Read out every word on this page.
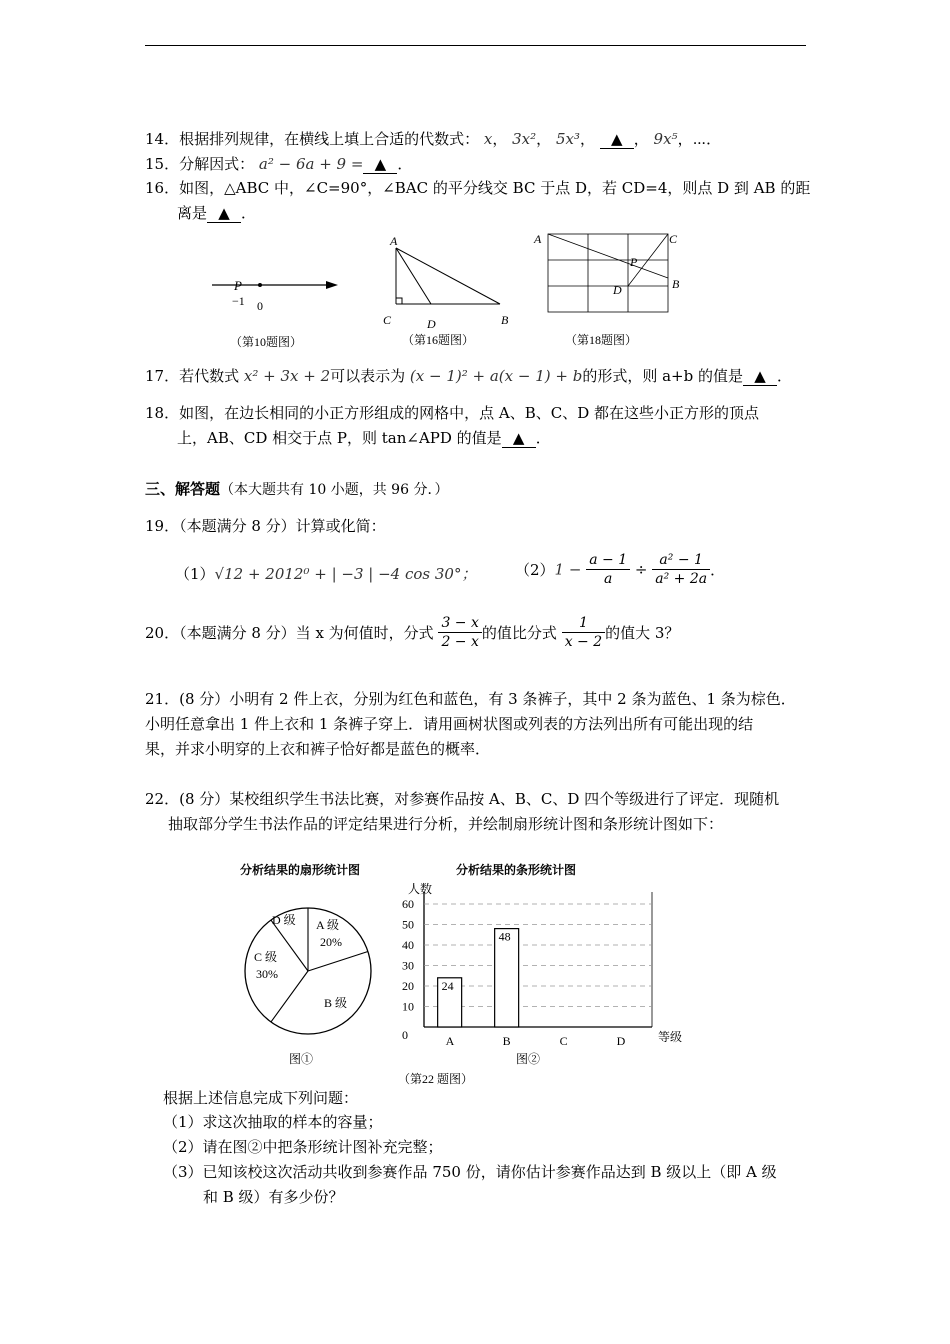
14．根据排列规律，在横线上填上合适的代数式： x， 3x²， 5x³， ▲ ， 9x⁵，⋯．
15．分解因式： a² − 6a + 9 = ▲ ．
16．如图，△ABC 中，∠C=90°，∠BAC 的平分线交 BC 于点 D，若 CD=4，则点 D 到 AB 的距
离是 ▲ ．
P
−1 0
（第10题图）
A
C	D	B
（第16题图）
A	C
P
B
D
（第18题图）
17．若代数式 x² + 3x + 2可以表示为 (x − 1)² + a(x − 1) + b的形式，则 a+b 的值是 ▲ ．
18．如图，在边长相同的小正方形组成的网格中，点 A、B、C、D 都在这些小正方形的顶点
上，AB、CD 相交于点 P，则 tan∠APD 的值是 ▲ ．
三、解答题（本大题共有 10 小题，共 96 分．）
19．（本题满分 8 分）计算或化简：
（1）√12 + 2012⁰ + | −3 | −4 cos 30°；	$(2)1 - \frac{a - 1}{a} \div \frac{\text{a² − 1}}{\text{a² + 2a}}$ ．
20．（本题满分 8 分）当 x 为何值时，分式 $\frac{3 - x}{2 - x}$ 的值比分式 $\frac{1}{x - 2}$ 的值大 3？
21．(8 分）小明有 2 件上衣，分别为红色和蓝色，有 3 条裤子，其中 2 条为蓝色、1 条为棕色．
小明任意拿出 1 件上衣和 1 条裤子穿上．请用画树状图或列表的方法列出所有可能出现的结
果，并求小明穿的上衣和裤子恰好都是蓝色的概率．
22．(8 分）某校组织学生书法比赛，对参赛作品按 A、B、C、D 四个等级进行了评定．现随机
抽取部分学生书法作品的评定结果进行分析，并绘制扇形统计图和条形统计图如下：
分析结果的扇形统计图
D 级 A 级
20%
C 级
30%
B 级
图①
分析结果的条形统计图
人数
0
10
20
30
40
50
60
A
24
B
48
C	D	等级
图②
（第22 题图）
根据上述信息完成下列问题：
（1）求这次抽取的样本的容量；
（2）请在图②中把条形统计图补充完整；
（3）已知该校这次活动共收到参赛作品 750 份，请你估计参赛作品达到 B 级以上（即 A 级
和 B 级）有多少份？
